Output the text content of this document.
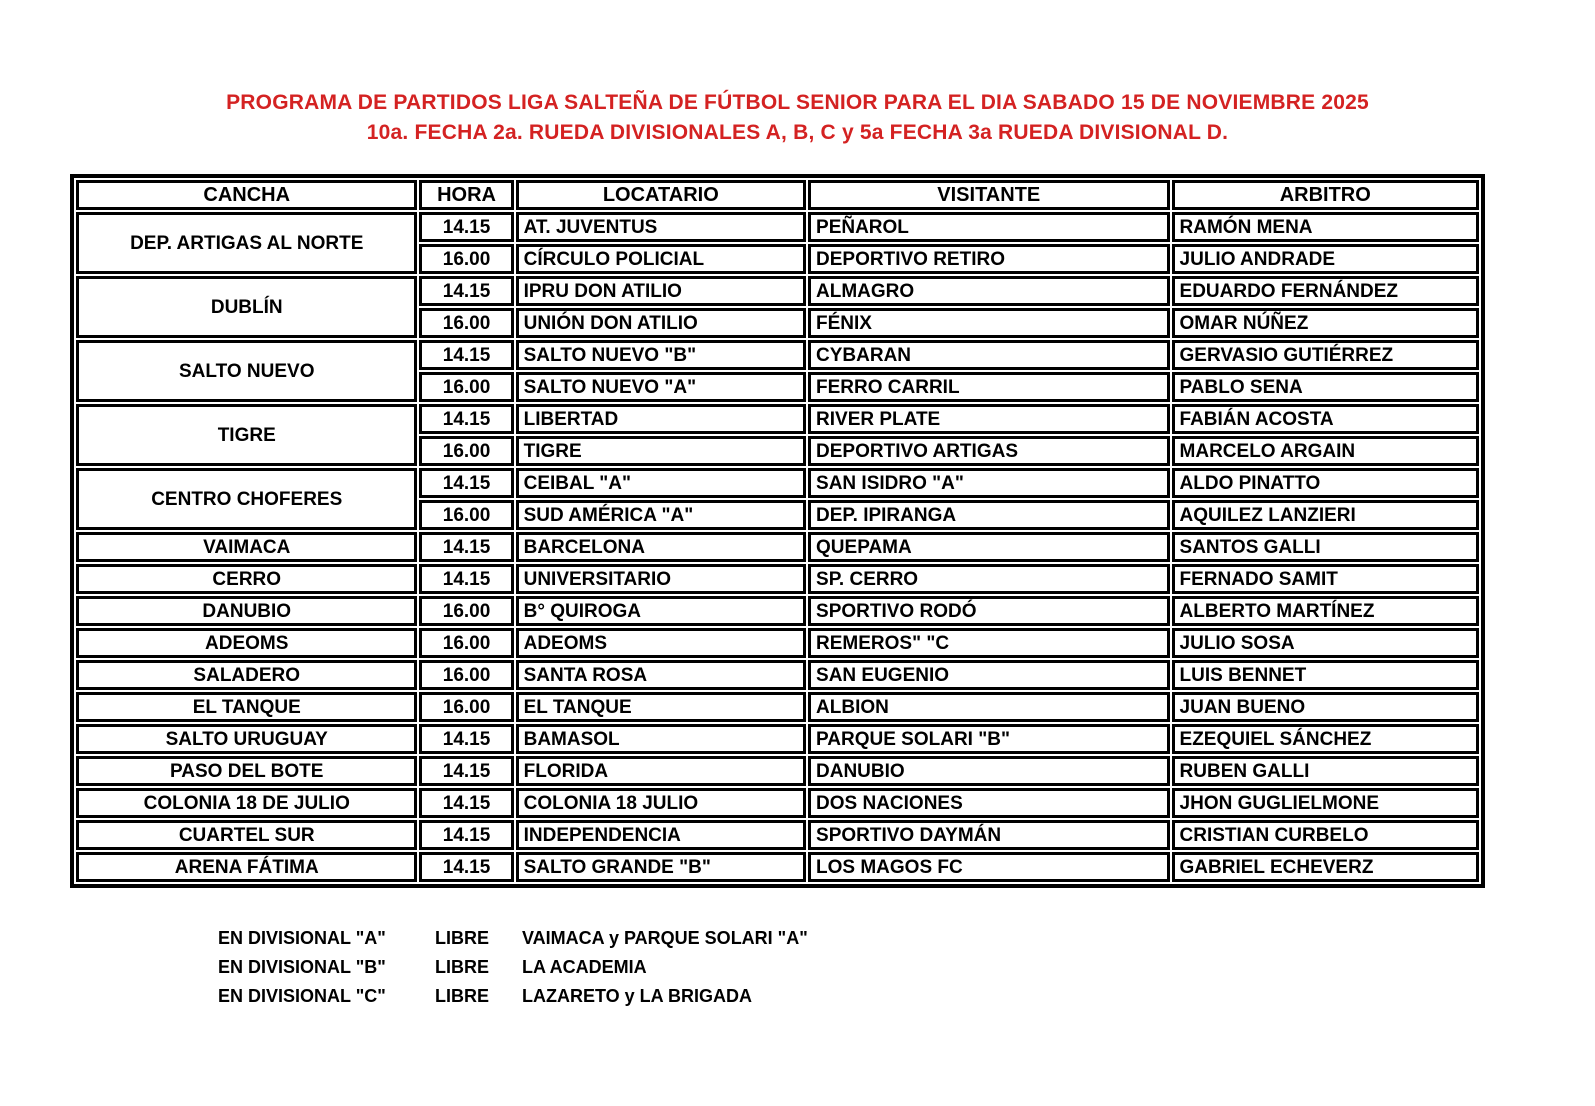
PROGRAMA DE PARTIDOS LIGA SALTEÑA DE FÚTBOL SENIOR PARA EL DIA SABADO 15 DE NOVIEMBRE 2025
10a. FECHA 2a. RUEDA DIVISIONALES A, B, C y 5a FECHA 3a RUEDA DIVISIONAL D.
CANCHA	HORA	LOCATARIO	VISITANTE	ARBITRO
DEP. ARTIGAS AL NORTE	14.15	AT. JUVENTUS	PEÑAROL	RAMÓN MENA
	16.00	CÍRCULO POLICIAL	DEPORTIVO RETIRO	JULIO ANDRADE
DUBLÍN	14.15	IPRU DON ATILIO	ALMAGRO	EDUARDO FERNÁNDEZ
	16.00	UNIÓN DON ATILIO	FÉNIX	OMAR NÚÑEZ
SALTO NUEVO	14.15	SALTO NUEVO "B"	CYBARAN	GERVASIO GUTIÉRREZ
	16.00	SALTO NUEVO "A"	FERRO CARRIL	PABLO SENA
TIGRE	14.15	LIBERTAD	RIVER PLATE	FABIÁN ACOSTA
	16.00	TIGRE	DEPORTIVO ARTIGAS	MARCELO ARGAIN
CENTRO CHOFERES	14.15	CEIBAL "A"	SAN ISIDRO "A"	ALDO PINATTO
	16.00	SUD AMÉRICA "A"	DEP. IPIRANGA	AQUILEZ LANZIERI
VAIMACA	14.15	BARCELONA	QUEPAMA	SANTOS GALLI
CERRO	14.15	UNIVERSITARIO	SP. CERRO	FERNADO SAMIT
DANUBIO	16.00	B° QUIROGA	SPORTIVO RODÓ	ALBERTO MARTÍNEZ
ADEOMS	16.00	ADEOMS	REMEROS" "C	JULIO SOSA
SALADERO	16.00	SANTA ROSA	SAN EUGENIO	LUIS BENNET
EL TANQUE	16.00	EL TANQUE	ALBION	JUAN BUENO
SALTO URUGUAY	14.15	BAMASOL	PARQUE SOLARI "B"	EZEQUIEL SÁNCHEZ
PASO DEL BOTE	14.15	FLORIDA	DANUBIO	RUBEN GALLI
COLONIA 18 DE JULIO	14.15	COLONIA 18 JULIO	DOS NACIONES	JHON GUGLIELMONE
CUARTEL SUR	14.15	INDEPENDENCIA	SPORTIVO DAYMÁN	CRISTIAN CURBELO
ARENA FÁTIMA	14.15	SALTO GRANDE "B"	LOS MAGOS FC	GABRIEL ECHEVERZ
EN DIVISIONAL "A"	LIBRE	VAIMACA y PARQUE SOLARI "A"
EN DIVISIONAL "B"	LIBRE	LA ACADEMIA
EN DIVISIONAL "C"	LIBRE	LAZARETO y LA BRIGADA
